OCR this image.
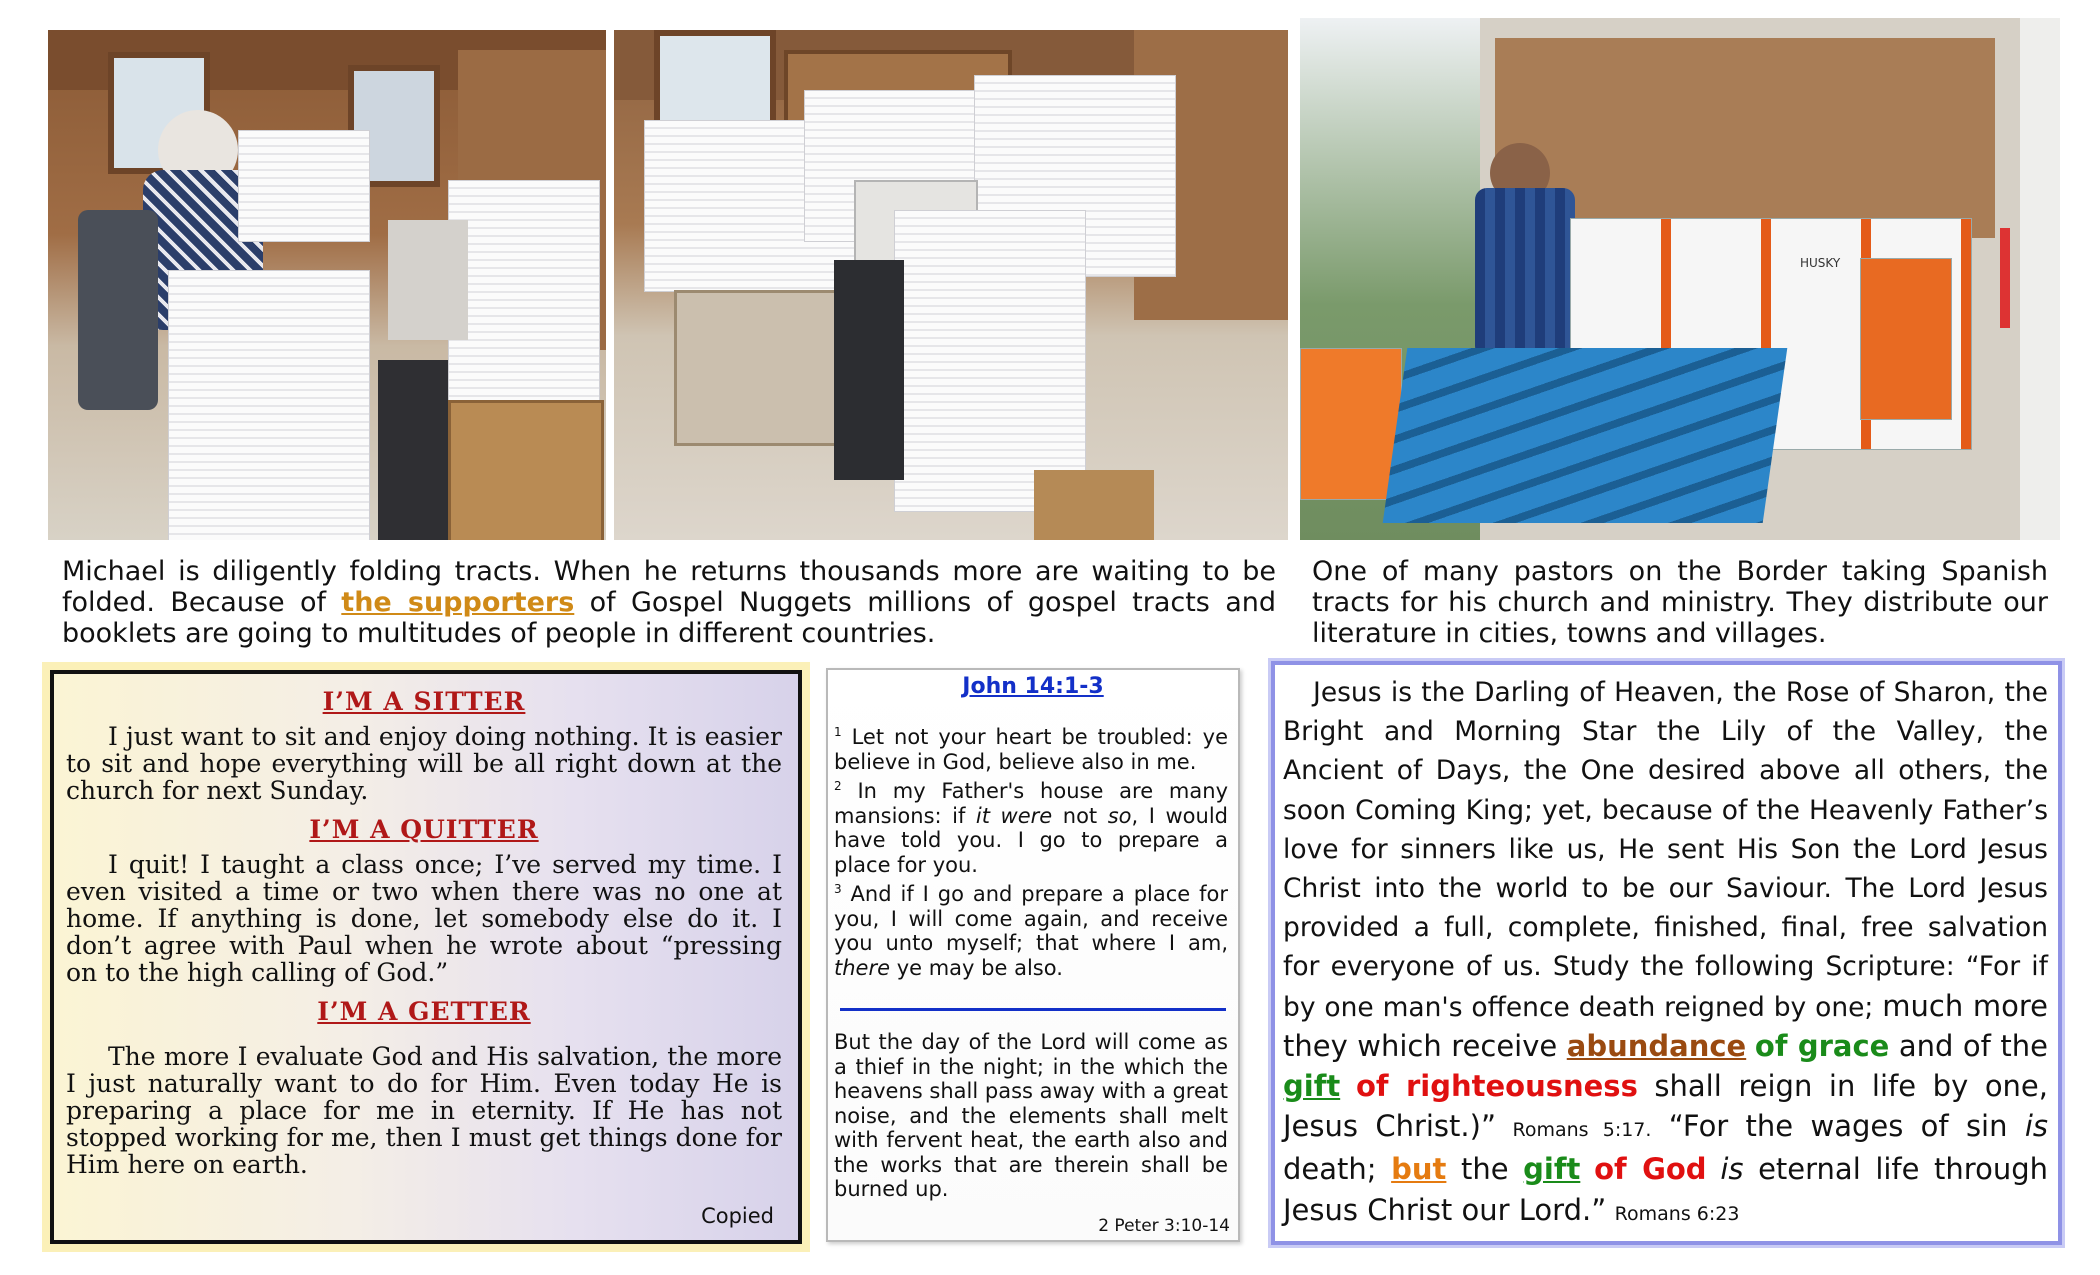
HUSKY
Michael is diligently folding tracts. When he returns thousands more are waiting to be folded. Because of the supporters of Gospel Nuggets millions of gospel tracts and booklets are going to multitudes of people in different countries.
One of many pastors on the Border taking Spanish tracts for his church and ministry. They distribute our literature in cities, towns and villages.
I’M A SITTER
I just want to sit and enjoy doing nothing. It is easier to sit and hope everything will be all right down at the church for next Sunday.
I’M A QUITTER
I quit! I taught a class once; I’ve served my time. I even visited a time or two when there was no one at home. If anything is done, let somebody else do it. I don’t agree with Paul when he wrote about “pressing on to the high calling of God.”
I’M A GETTER
The more I evaluate God and His salvation, the more I just naturally want to do for Him. Even today He is preparing a place for me in eternity. If He has not stopped working for me, then I must get things done for Him here on earth.
Copied
John 14:1-3
$^1$ Let not your heart be troubled: ye believe in God, believe also in me.
$^2$ In my Father's house are many mansions: if it were not so, I would have told you. I go to prepare a place for you.
$^3$ And if I go and prepare a place for you, I will come again, and receive you unto myself; that where I am, there ye may be also.
But the day of the Lord will come as a thief in the night; in the which the heavens shall pass away with a great noise, and the elements shall melt with fervent heat, the earth also and the works that are therein shall be burned up.
2 Peter 3:10-14
Jesus is the Darling of Heaven, the Rose of Sharon, the Bright and Morning Star the Lily of the Valley, the Ancient of Days, the One desired above all others, the soon Coming King; yet, because of the Heavenly Father’s love for sinners like us, He sent His Son the Lord Jesus Christ into the world to be our Saviour. The Lord Jesus provided a full, complete, finished, final, free salvation for everyone of us. Study the following Scripture: “For if by one man's offence death reigned by one; much more they which receive abundance of grace and of the gift of righteousness shall reign in life by one, Jesus Christ.)” Romans 5:17. “For the wages of sin is death; but the gift of God is eternal life through Jesus Christ our Lord.” Romans 6:23
